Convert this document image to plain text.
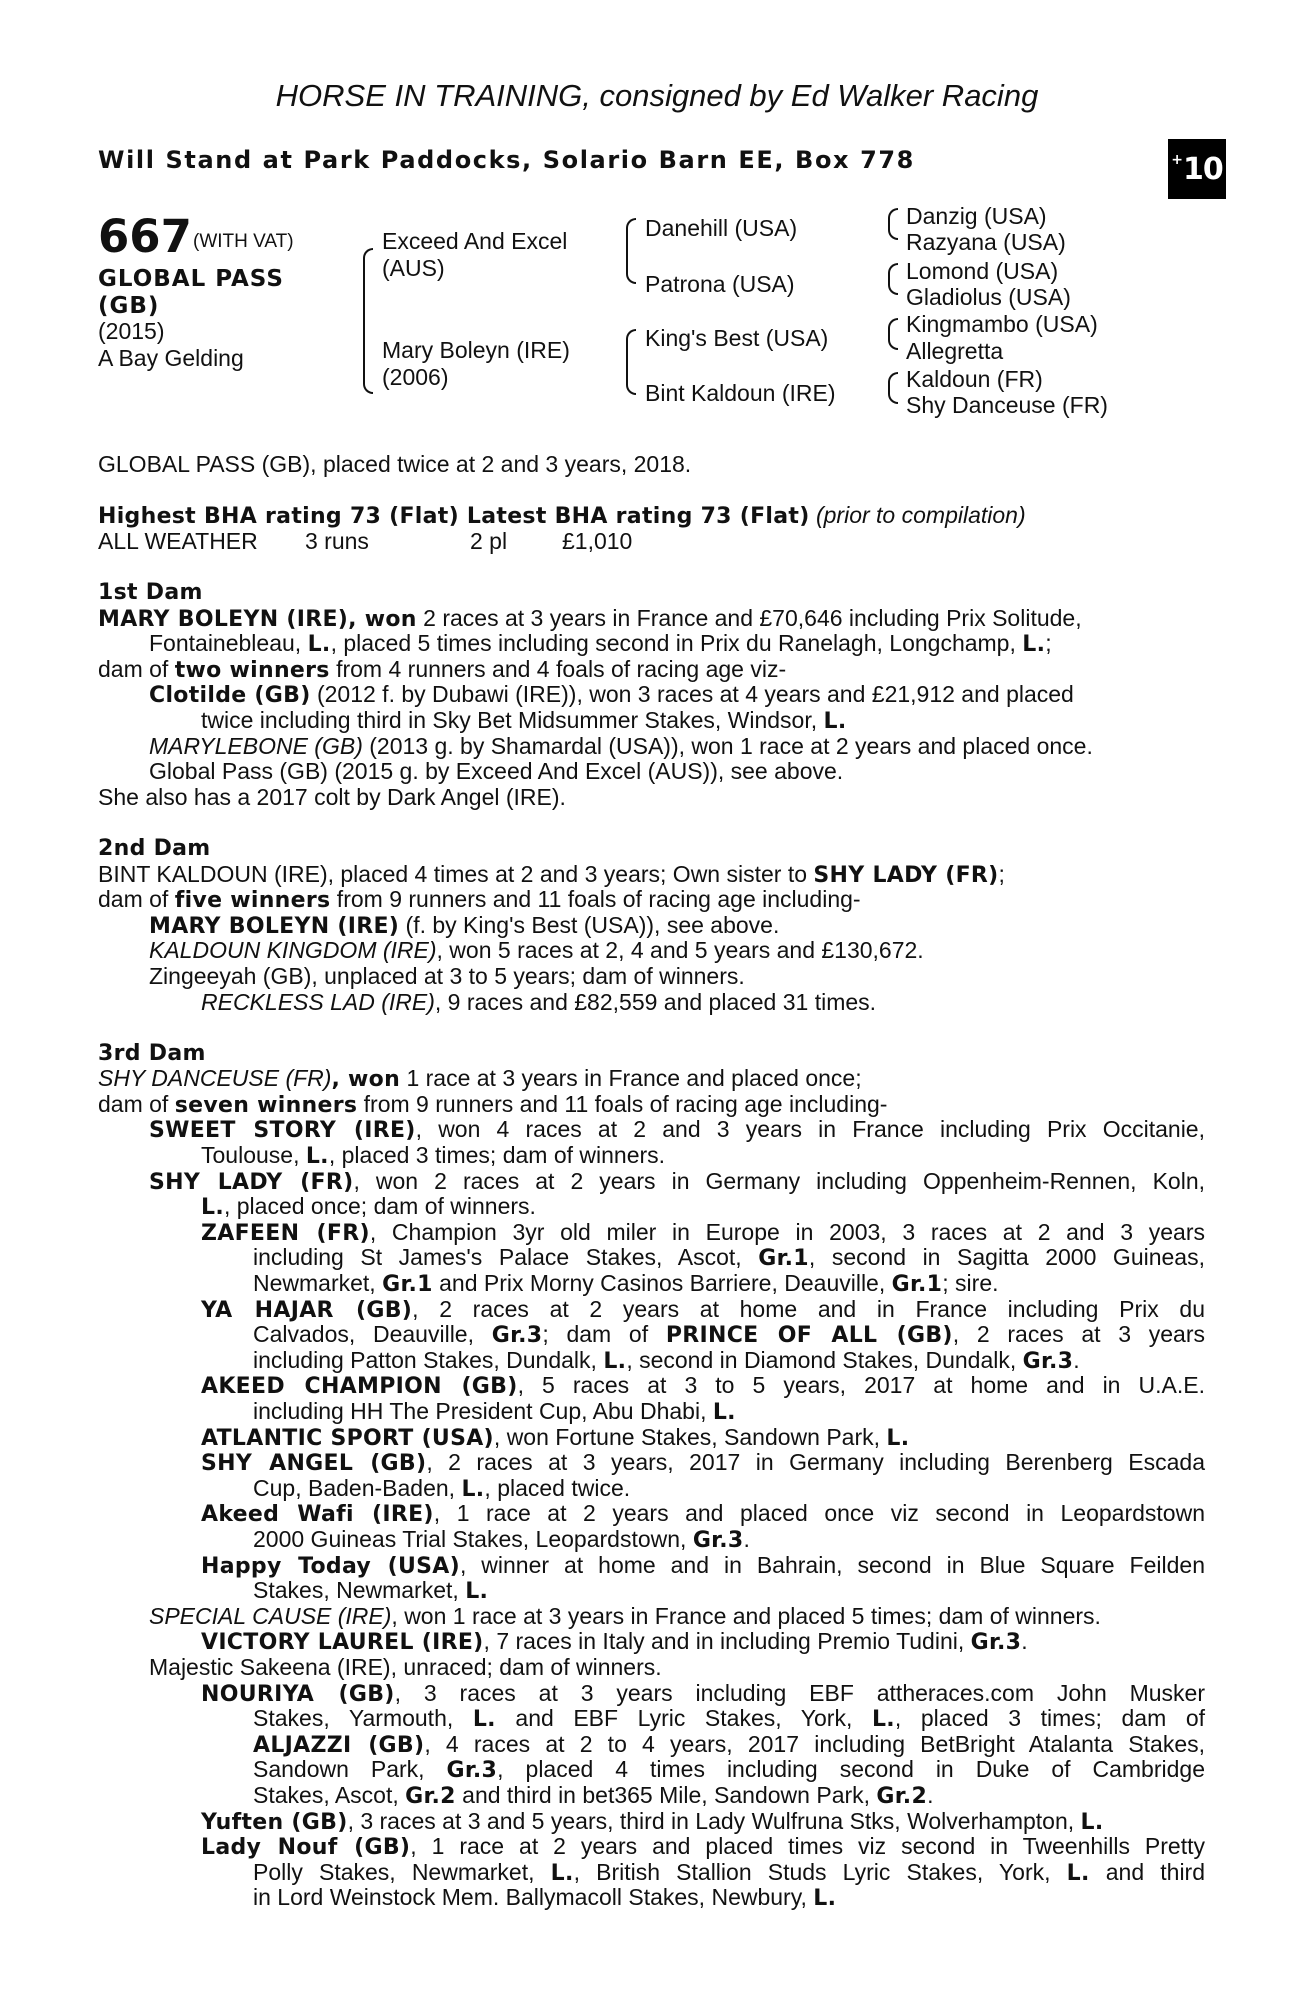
HORSE IN TRAINING, consigned by Ed Walker Racing
Will Stand at Park Paddocks, Solario Barn EE, Box 778	+ 10
667 (WITH VAT)
GLOBAL PASS
(GB)
(2015)
A Bay Gelding
Exceed And Excel
(AUS)
Mary Boleyn (IRE)
(2006)
Danehill (USA)
Patrona (USA)
King's Best (USA)
Bint Kaldoun (IRE)
Danzig (USA)
Razyana (USA)
Lomond (USA)
Gladiolus (USA)
Kingmambo (USA)
Allegretta
Kaldoun (FR)
Shy Danceuse (FR)
GLOBAL PASS (GB), placed twice at 2 and 3 years, 2018.
Highest BHA rating 73 (Flat) Latest BHA rating 73 (Flat) (prior to compilation)
ALL WEATHER 3 runs	2 pl £1,010
1st Dam
MARY BOLEYN (IRE), won 2 races at 3 years in France and £70,646 including Prix Solitude,
Fontainebleau, L., placed 5 times including second in Prix du Ranelagh, Longchamp, L.;
dam of two winners from 4 runners and 4 foals of racing age viz-
Clotilde (GB) (2012 f. by Dubawi (IRE)), won 3 races at 4 years and £21,912 and placed
twice including third in Sky Bet Midsummer Stakes, Windsor, L.
MARYLEBONE (GB) (2013 g. by Shamardal (USA)), won 1 race at 2 years and placed once.
Global Pass (GB) (2015 g. by Exceed And Excel (AUS)), see above.
She also has a 2017 colt by Dark Angel (IRE).
2nd Dam
BINT KALDOUN (IRE), placed 4 times at 2 and 3 years; Own sister to SHY LADY (FR);
dam of five winners from 9 runners and 11 foals of racing age including-
MARY BOLEYN (IRE) (f. by King's Best (USA)), see above.
KALDOUN KINGDOM (IRE), won 5 races at 2, 4 and 5 years and £130,672.
Zingeeyah (GB), unplaced at 3 to 5 years; dam of winners.
RECKLESS LAD (IRE), 9 races and £82,559 and placed 31 times.
3rd Dam
SHY DANCEUSE (FR), won 1 race at 3 years in France and placed once;
dam of seven winners from 9 runners and 11 foals of racing age including-
SWEET STORY (IRE), won 4 races at 2 and 3 years in France including Prix Occitanie,
Toulouse, L., placed 3 times; dam of winners.
SHY LADY (FR), won 2 races at 2 years in Germany including Oppenheim-Rennen, Koln,
L., placed once; dam of winners.
ZAFEEN (FR), Champion 3yr old miler in Europe in 2003, 3 races at 2 and 3 years
including St James's Palace Stakes, Ascot, Gr.1, second in Sagitta 2000 Guineas,
Newmarket, Gr.1 and Prix Morny Casinos Barriere, Deauville, Gr.1; sire.
YA HAJAR (GB), 2 races at 2 years at home and in France including Prix du
Calvados, Deauville, Gr.3; dam of PRINCE OF ALL (GB), 2 races at 3 years
including Patton Stakes, Dundalk, L., second in Diamond Stakes, Dundalk, Gr.3.
AKEED CHAMPION (GB), 5 races at 3 to 5 years, 2017 at home and in U.A.E.
including HH The President Cup, Abu Dhabi, L.
ATLANTIC SPORT (USA), won Fortune Stakes, Sandown Park, L.
SHY ANGEL (GB), 2 races at 3 years, 2017 in Germany including Berenberg Escada
Cup, Baden-Baden, L., placed twice.
Akeed Wafi (IRE), 1 race at 2 years and placed once viz second in Leopardstown
2000 Guineas Trial Stakes, Leopardstown, Gr.3.
Happy Today (USA), winner at home and in Bahrain, second in Blue Square Feilden
Stakes, Newmarket, L.
SPECIAL CAUSE (IRE), won 1 race at 3 years in France and placed 5 times; dam of winners.
VICTORY LAUREL (IRE), 7 races in Italy and in including Premio Tudini, Gr.3.
Majestic Sakeena (IRE), unraced; dam of winners.
NOURIYA (GB), 3 races at 3 years including EBF attheraces.com John Musker
Stakes, Yarmouth, L. and EBF Lyric Stakes, York, L., placed 3 times; dam of
ALJAZZI (GB), 4 races at 2 to 4 years, 2017 including BetBright Atalanta Stakes,
Sandown Park, Gr.3, placed 4 times including second in Duke of Cambridge
Stakes, Ascot, Gr.2 and third in bet365 Mile, Sandown Park, Gr.2.
Yuften (GB), 3 races at 3 and 5 years, third in Lady Wulfruna Stks, Wolverhampton, L.
Lady Nouf (GB), 1 race at 2 years and placed times viz second in Tweenhills Pretty
Polly Stakes, Newmarket, L., British Stallion Studs Lyric Stakes, York, L. and third
in Lord Weinstock Mem. Ballymacoll Stakes, Newbury, L.
